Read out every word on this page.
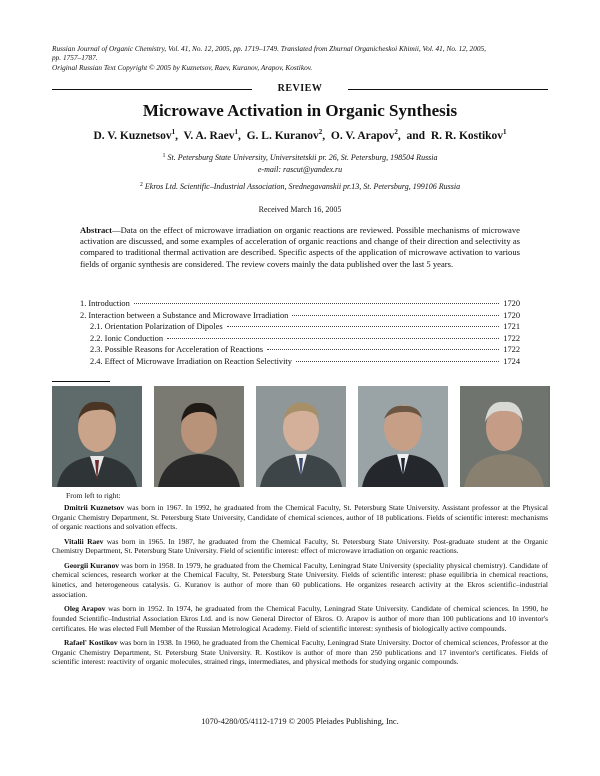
Russian Journal of Organic Chemistry, Vol. 41, No. 12, 2005, pp. 1719–1749. Translated from Zhurnal Organicheskoi Khimii, Vol. 41, No. 12, 2005,
pp. 1757–1787.
Original Russian Text Copyright © 2005 by Kuznetsov, Raev, Kuranov, Arapov, Kostikov.
REVIEW
Microwave Activation in Organic Synthesis
D. V. Kuznetsov$^1$,  V. A. Raev$^1$,  G. L. Kuranov$^2$,  O. V. Arapov$^2$,  and  R. R. Kostikov$^1$
$^1$ St. Petersburg State University, Universitetskii pr. 26, St. Petersburg, 198504 Russia
e-mail: rascut@yandex.ru
$^2$ Ekros Ltd. Scientific–Industrial Association, Srednegavanskii pr.13, St. Petersburg, 199106 Russia
Received March 16, 2005
Abstract—Data on the effect of microwave irradiation on organic reactions are reviewed. Possible mechanisms of microwave activation are discussed, and some examples of acceleration of organic reactions and change of their direction and selectivity as compared to traditional thermal activation are described. Specific aspects of the application of microwave activation to various fields of organic synthesis are considered. The review covers mainly the data published over the last 5 years.
1. Introduction	1720
2. Interaction between a Substance and Microwave Irradiation	1720
2.1. Orientation Polarization of Dipoles	1721
2.2. Ionic Conduction	1722
2.3. Possible Reasons for Acceleration of Reactions	1722
2.4. Effect of Microwave Irradiation on Reaction Selectivity	1724
From left to right:

Dmitrii Kuznetsov was born in 1967. In 1992, he graduated from the Chemical Faculty, St. Petersburg State University. Assistant professor at the Physical Organic Chemistry Department, St. Petersburg State University, Candidate of chemical sciences, author of 18 publications. Fields of scientific interest: mechanisms of organic reactions and solvation effects.

Vitalii Raev was born in 1965. In 1987, he graduated from the Chemical Faculty, St. Petersburg State University. Post-graduate student at the Organic Chemistry Department, St. Petersburg State University. Field of scientific interest: effect of microwave irradiation on organic reactions.

Georgii Kuranov was born in 1958. In 1979, he graduated from the Chemical Faculty, Leningrad State University (speciality physical chemistry). Candidate of chemical sciences, research worker at the Chemical Faculty, St. Petersburg State University. Fields of scientific interest: phase equilibria in chemical reactions, kinetics, and heterogeneous catalysis. G. Kuranov is author of more than 60 publications. He organizes research activity at the Ekros scientific–industrial association.

Oleg Arapov was born in 1952. In 1974, he graduated from the Chemical Faculty, Leningrad State University. Candidate of chemical sciences. In 1990, he founded Scientific–Industrial Association Ekros Ltd. and is now General Director of Ekros. O. Arapov is author of more than 100 publications and 10 inventor's certificates. He was elected Full Member of the Russian Metrological Academy. Field of scientific interest: synthesis of biologically active compounds.

Rafael' Kostikov was born in 1938. In 1960, he graduated from the Chemical Faculty, Leningrad State University. Doctor of chemical sciences, Professor at the Organic Chemistry Department, St. Petersburg State University. R. Kostikov is author of more than 250 publications and 17 inventor's certificates. Fields of scientific interest: reactivity of organic molecules, strained rings, intermediates, and physical methods for studying organic compounds.

1070-4280/05/4112-1719 © 2005 Pleiades Publishing, Inc.
